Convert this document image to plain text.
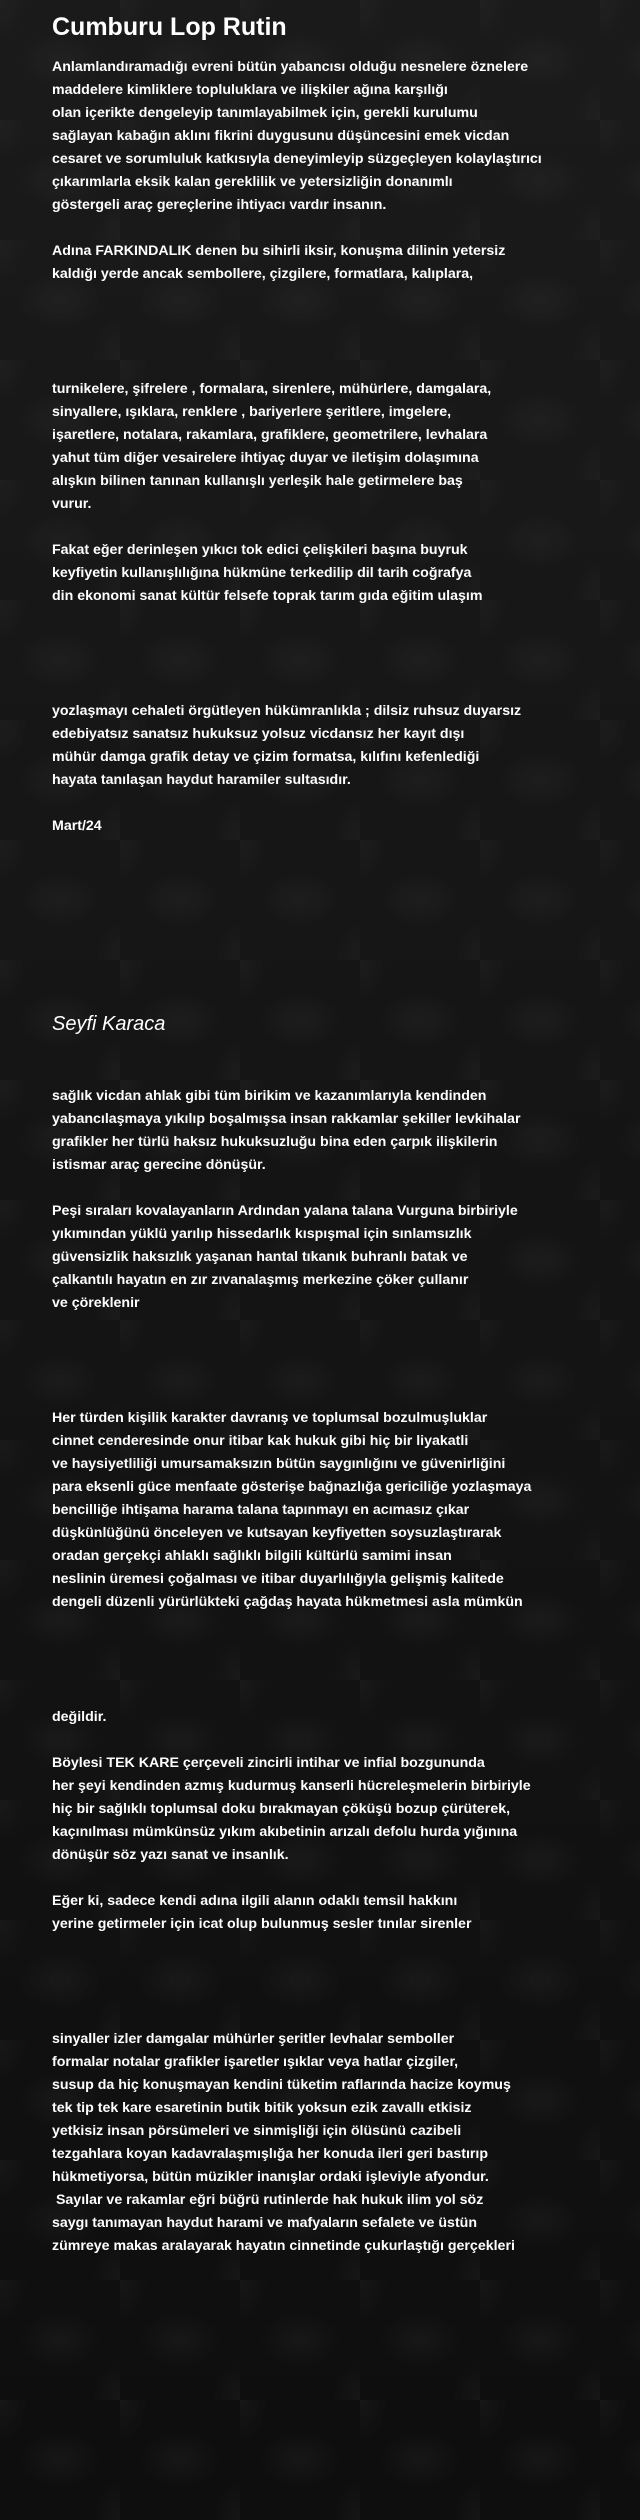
Cumburu Lop Rutin
Anlamlandıramadığı evreni bütün yabancısı olduğu nesnelere öznelere
maddelere kimliklere topluluklara ve ilişkiler ağına karşılığı
olan içerikte dengeleyip tanımlayabilmek için, gerekli kurulumu
sağlayan kabağın aklını fikrini duygusunu düşüncesini emek vicdan
cesaret ve sorumluluk katkısıyla deneyimleyip süzgeçleyen kolaylaştırıcı
çıkarımlarla eksik kalan gereklilik ve yetersizliğin donanımlı
göstergeli araç gereçlerine ihtiyacı vardır insanın.
Adına FARKINDALIK denen bu sihirli iksir, konuşma dilinin yetersiz
kaldığı yerde ancak sembollere, çizgilere, formatlara, kalıplara,
turnikelere, şifrelere , formalara, sirenlere, mühürlere, damgalara,
sinyallere, ışıklara, renklere , bariyerlere şeritlere, imgelere,
işaretlere, notalara, rakamlara, grafiklere, geometrilere, levhalara
yahut tüm diğer vesairelere ihtiyaç duyar ve iletişim dolaşımına
alışkın bilinen tanınan kullanışlı yerleşik hale getirmelere baş
vurur.
Fakat eğer derinleşen yıkıcı tok edici çelişkileri başına buyruk
keyfiyetin kullanışlılığına hükmüne terkedilip dil tarih coğrafya
din ekonomi sanat kültür felsefe toprak tarım gıda eğitim ulaşım
yozlaşmayı cehaleti örgütleyen hükümranlıkla ; dilsiz ruhsuz duyarsız
edebiyatsız sanatsız hukuksuz yolsuz vicdansız her kayıt dışı
mühür damga grafik detay ve çizim formatsa, kılıfını kefenlediği
hayata tanılaşan haydut haramiler sultasıdır.
Mart/24
Seyfi Karaca
sağlık vicdan ahlak gibi tüm birikim ve kazanımlarıyla kendinden
yabancılaşmaya yıkılıp boşalmışsa insan rakkamlar şekiller levkihalar
grafikler her türlü haksız hukuksuzluğu bina eden çarpık ilişkilerin
istismar araç gerecine dönüşür.
Peşi sıraları kovalayanların Ardından yalana talana Vurguna birbiriyle
yıkımından yüklü yarılıp hissedarlık kıspışmal için sınlamsızlık
güvensizlik haksızlık yaşanan hantal tıkanık buhranlı batak ve
çalkantılı hayatın en zır zıvanalaşmış merkezine çöker çullanır
ve çöreklenir
Her türden kişilik karakter davranış ve toplumsal bozulmuşluklar
cinnet cenderesinde onur itibar kak hukuk gibi hiç bir liyakatli
ve haysiyetliliği umursamaksızın bütün saygınlığını ve güvenirliğini
para eksenli güce menfaate gösterişe bağnazlığa gericiliğe yozlaşmaya
bencilliğe ihtişama harama talana tapınmayı en acımasız çıkar
düşkünlüğünü önceleyen ve kutsayan keyfiyetten soysuzlaştırarak
oradan gerçekçi ahlaklı sağlıklı bilgili kültürlü samimi insan
neslinin üremesi çoğalması ve itibar duyarlılığıyla gelişmiş kalitede
dengeli düzenli yürürlükteki çağdaş hayata hükmetmesi asla mümkün
değildir.
Böylesi TEK KARE çerçeveli zincirli intihar ve infial bozgununda
her şeyi kendinden azmış kudurmuş kanserli hücreleşmelerin birbiriyle
hiç bir sağlıklı toplumsal doku bırakmayan çöküşü bozup çürüterek,
kaçınılması mümkünsüz yıkım akıbetinin arızalı defolu hurda yığınına
dönüşür söz yazı sanat ve insanlık.
Eğer ki, sadece kendi adına ilgili alanın odaklı temsil hakkını
yerine getirmeler için icat olup bulunmuş sesler tınılar sirenler
sinyaller izler damgalar mühürler şeritler levhalar semboller
formalar notalar grafikler işaretler ışıklar veya hatlar çizgiler,
susup da hiç konuşmayan kendini tüketim raflarında hacize koymuş
tek tip tek kare esaretinin butik bitik yoksun ezik zavallı etkisiz
yetkisiz insan pörsümeleri ve sinmişliği için ölüsünü cazibeli
tezgahlara koyan kadavralaşmışlığa her konuda ileri geri bastırıp
hükmetiyorsa, bütün müzikler inanışlar ordaki işleviyle afyondur.
Sayılar ve rakamlar eğri büğrü rutinlerde hak hukuk ilim yol söz
saygı tanımayan haydut harami ve mafyaların sefalete ve üstün
zümreye makas aralayarak hayatın cinnetinde çukurlaştığı gerçekleri
